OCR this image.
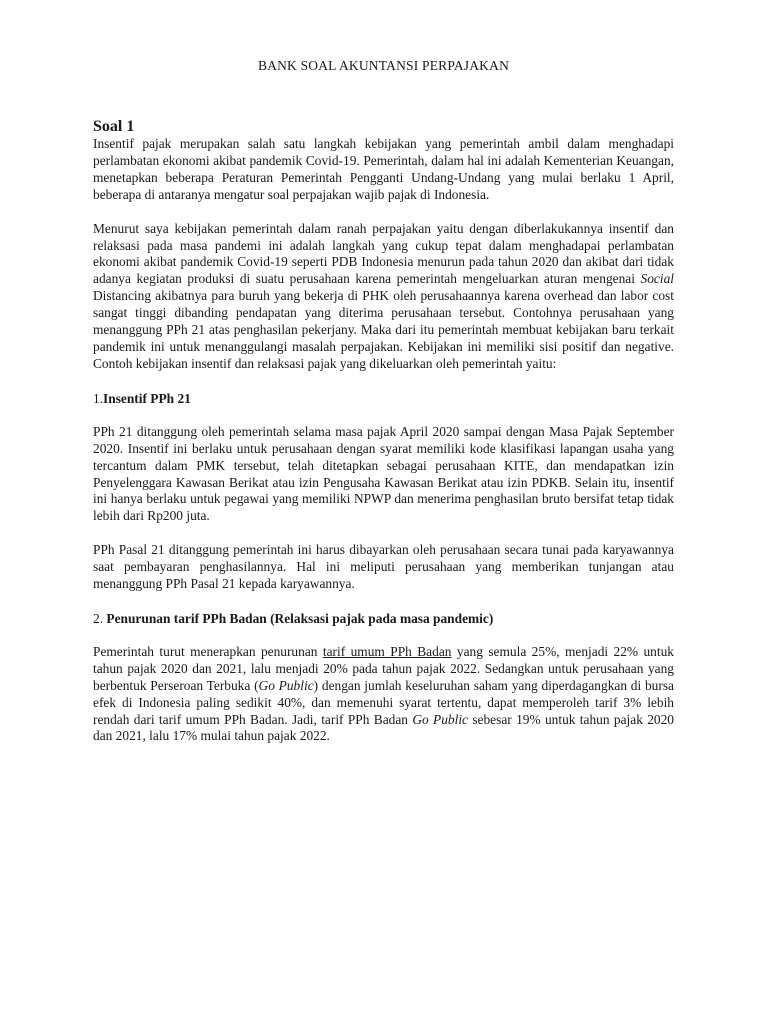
BANK SOAL AKUNTANSI PERPAJAKAN
Soal 1

Insentif pajak merupakan salah satu langkah kebijakan yang pemerintah ambil dalam menghadapi perlambatan ekonomi akibat pandemik Covid-19. Pemerintah, dalam hal ini adalah Kementerian Keuangan, menetapkan beberapa Peraturan Pemerintah Pengganti Undang-Undang yang mulai berlaku 1 April, beberapa di antaranya mengatur soal perpajakan wajib pajak di Indonesia.

Menurut saya kebijakan pemerintah dalam ranah perpajakan yaitu dengan diberlakukannya insentif dan relaksasi pada masa pandemi ini adalah langkah yang cukup tepat dalam menghadapai perlambatan ekonomi akibat pandemik Covid-19 seperti PDB Indonesia menurun pada tahun 2020 dan akibat dari tidak adanya kegiatan produksi di suatu perusahaan karena pemerintah mengeluarkan aturan mengenai Social Distancing akibatnya para buruh yang bekerja di PHK oleh perusahaannya karena overhead dan labor cost sangat tinggi dibanding pendapatan yang diterima perusahaan tersebut. Contohnya perusahaan yang menanggung PPh 21 atas penghasilan pekerjany. Maka dari itu pemerintah membuat kebijakan baru terkait pandemik ini untuk menanggulangi masalah perpajakan. Kebijakan ini memiliki sisi positif dan negative. Contoh kebijakan insentif dan relaksasi pajak yang dikeluarkan oleh pemerintah yaitu:

1.Insentif PPh 21

PPh 21 ditanggung oleh pemerintah selama masa pajak April 2020 sampai dengan Masa Pajak September 2020. Insentif ini berlaku untuk perusahaan dengan syarat memiliki kode klasifikasi lapangan usaha yang tercantum dalam PMK tersebut, telah ditetapkan sebagai perusahaan KITE, dan mendapatkan izin Penyelenggara Kawasan Berikat atau izin Pengusaha Kawasan Berikat atau izin PDKB. Selain itu, insentif ini hanya berlaku untuk pegawai yang memiliki NPWP dan menerima penghasilan bruto bersifat tetap tidak lebih dari Rp200 juta.

PPh Pasal 21 ditanggung pemerintah ini harus dibayarkan oleh perusahaan secara tunai pada karyawannya saat pembayaran penghasilannya. Hal ini meliputi perusahaan yang memberikan tunjangan atau menanggung PPh Pasal 21 kepada karyawannya.

2. Penurunan tarif PPh Badan (Relaksasi pajak pada masa pandemic)

Pemerintah turut menerapkan penurunan tarif umum PPh Badan yang semula 25%, menjadi 22% untuk tahun pajak 2020 dan 2021, lalu menjadi 20% pada tahun pajak 2022. Sedangkan untuk perusahaan yang berbentuk Perseroan Terbuka (Go Public) dengan jumlah keseluruhan saham yang diperdagangkan di bursa efek di Indonesia paling sedikit 40%, dan memenuhi syarat tertentu, dapat memperoleh tarif 3% lebih rendah dari tarif umum PPh Badan. Jadi, tarif PPh Badan Go Public sebesar 19% untuk tahun pajak 2020 dan 2021, lalu 17% mulai tahun pajak 2022.
